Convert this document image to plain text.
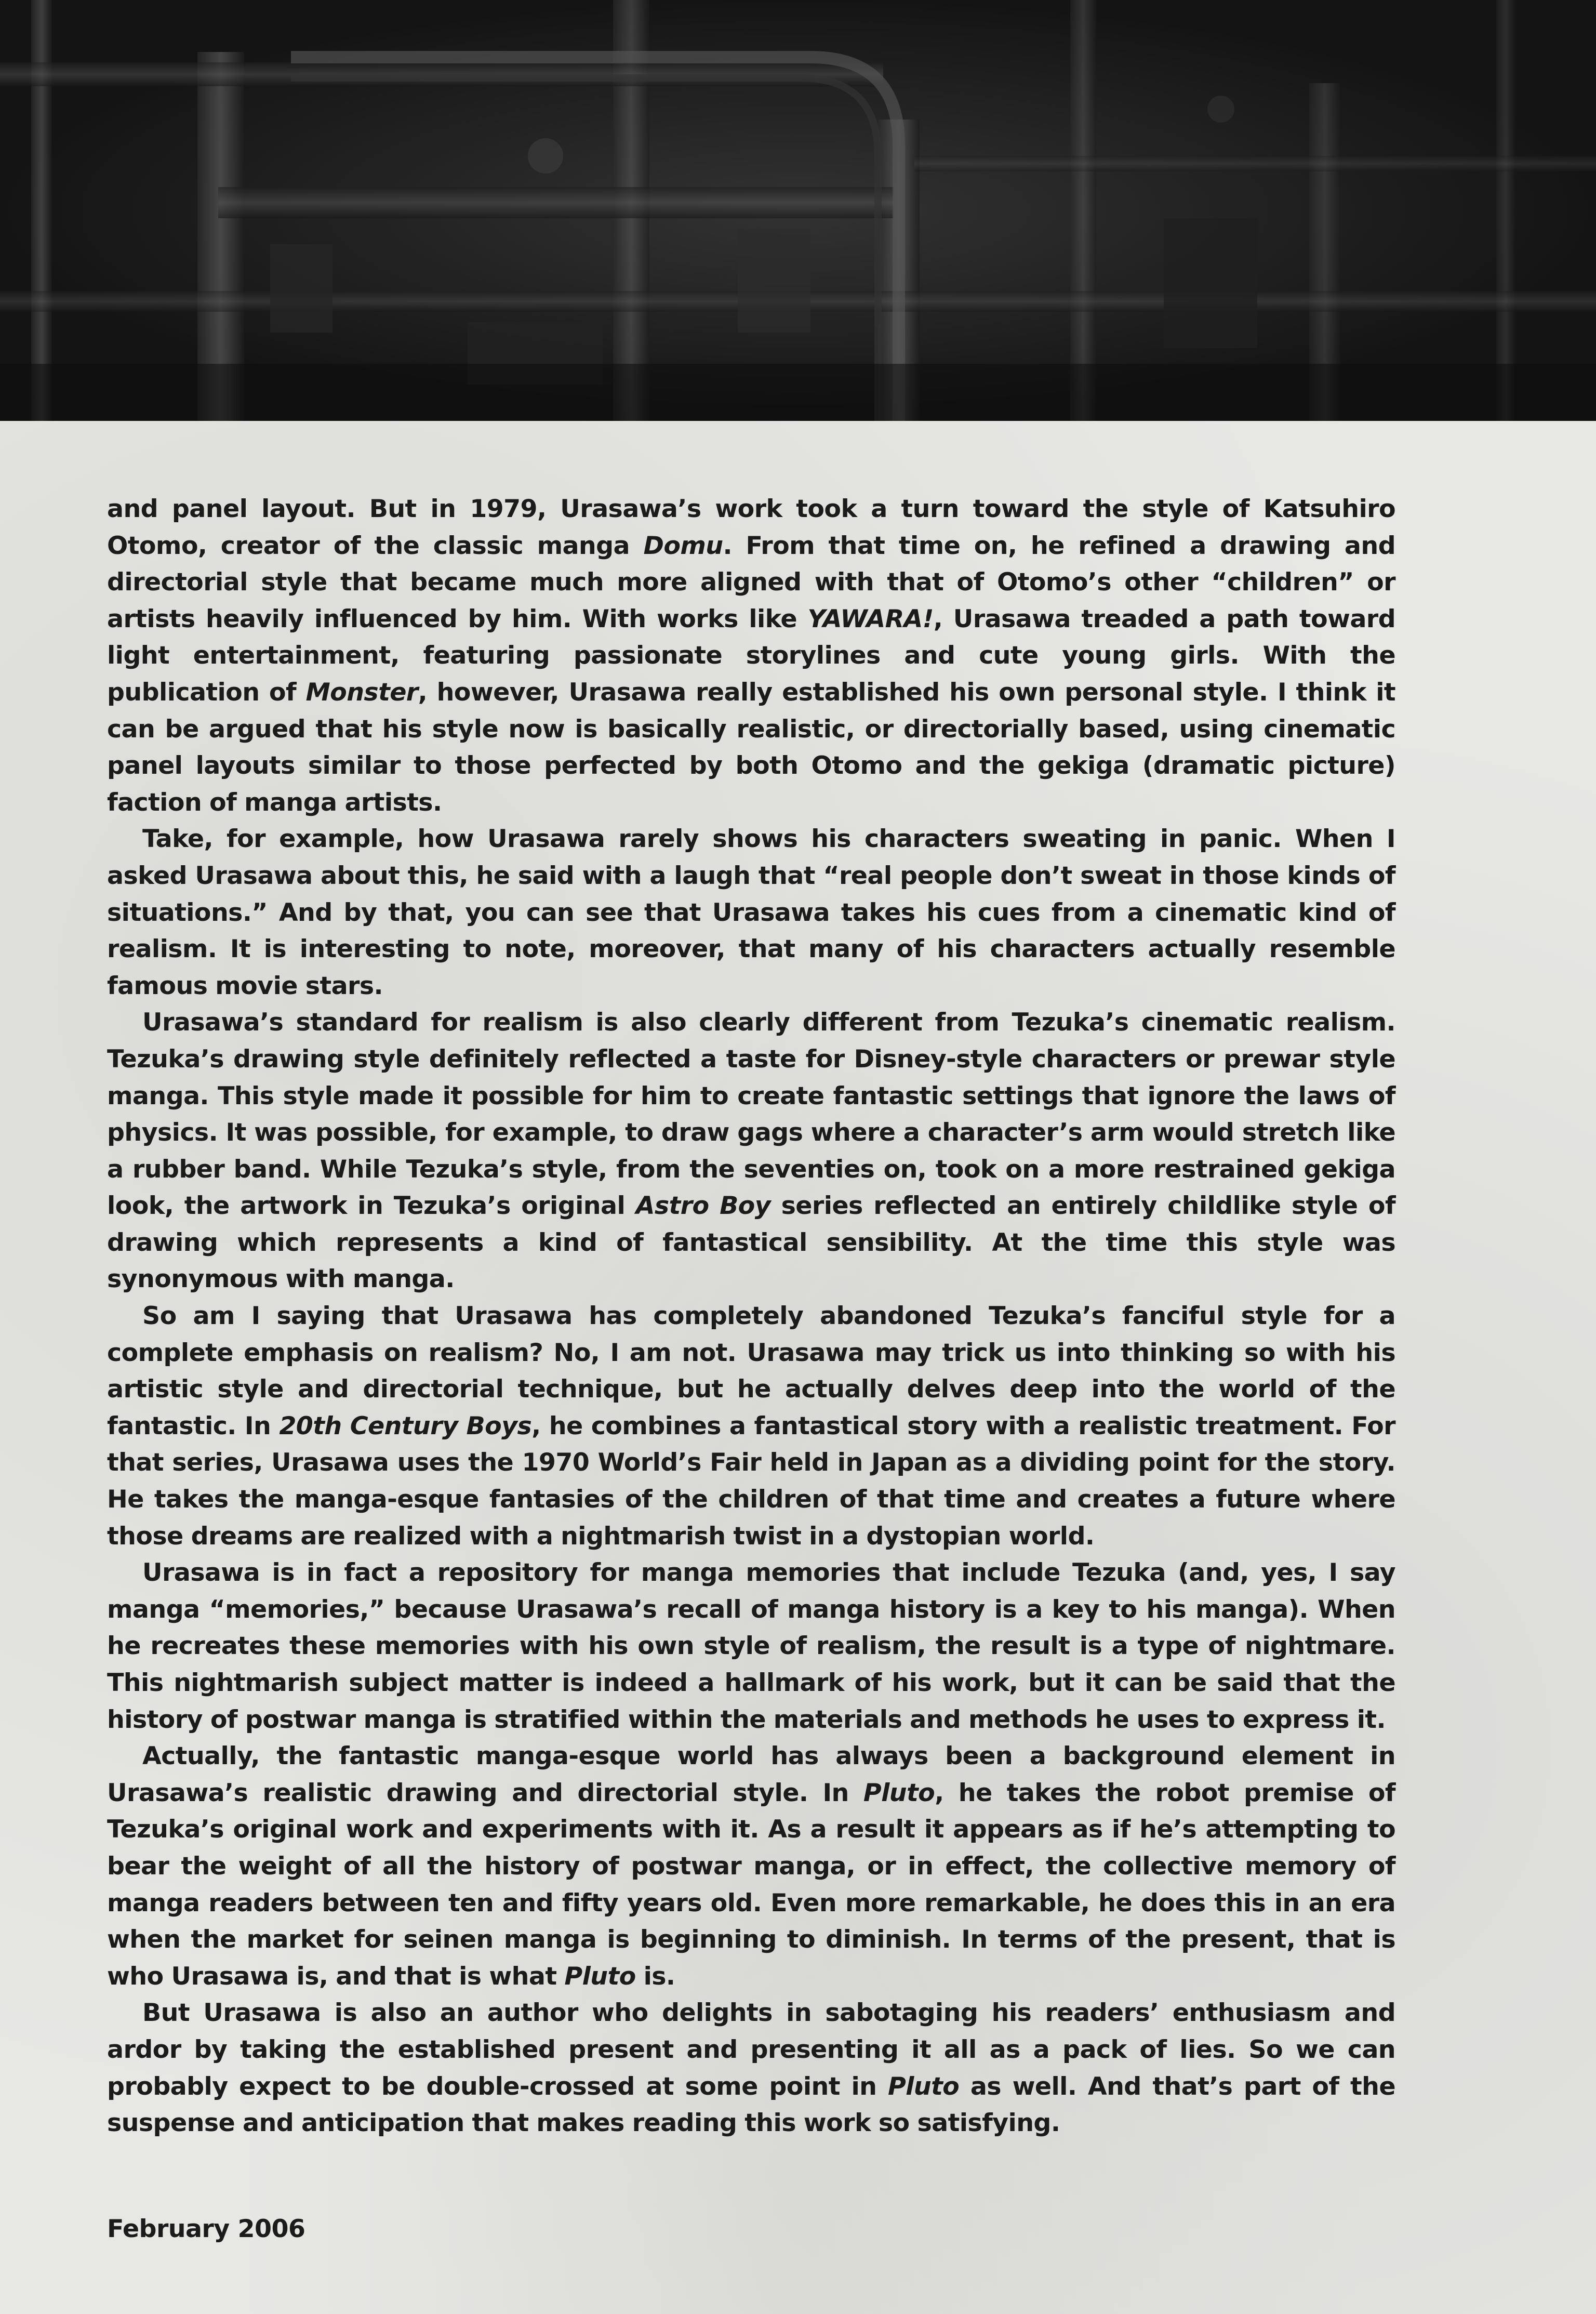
and panel layout. But in 1979, Urasawa’s work took a turn toward the style of Katsuhiro Otomo, creator of the classic manga Domu. From that time on, he refined a drawing and directorial style that became much more aligned with that of Otomo’s other “children” or artists heavily influenced by him. With works like YAWARA!, Urasawa treaded a path toward light entertainment, featuring passionate storylines and cute young girls. With the publication of Monster, however, Urasawa really established his own personal style. I think it can be argued that his style now is basically realistic, or directorially based, using cinematic panel layouts similar to those perfected by both Otomo and the gekiga (dramatic picture) faction of manga artists.

Take, for example, how Urasawa rarely shows his characters sweating in panic. When I asked Urasawa about this, he said with a laugh that “real people don’t sweat in those kinds of situations.” And by that, you can see that Urasawa takes his cues from a cinematic kind of realism. It is interesting to note, moreover, that many of his characters actually resemble famous movie stars.

Urasawa’s standard for realism is also clearly different from Tezuka’s cinematic realism. Tezuka’s drawing style definitely reflected a taste for Disney-style characters or prewar style manga. This style made it possible for him to create fantastic settings that ignore the laws of physics. It was possible, for example, to draw gags where a character’s arm would stretch like a rubber band. While Tezuka’s style, from the seventies on, took on a more restrained gekiga look, the artwork in Tezuka’s original Astro Boy series reflected an entirely childlike style of drawing which represents a kind of fantastical sensibility. At the time this style was synonymous with manga.

So am I saying that Urasawa has completely abandoned Tezuka’s fanciful style for a complete emphasis on realism? No, I am not. Urasawa may trick us into thinking so with his artistic style and directorial technique, but he actually delves deep into the world of the fantastic. In 20th Century Boys, he combines a fantastical story with a realistic treatment. For that series, Urasawa uses the 1970 World’s Fair held in Japan as a dividing point for the story. He takes the manga-esque fantasies of the children of that time and creates a future where those dreams are realized with a nightmarish twist in a dystopian world.

Urasawa is in fact a repository for manga memories that include Tezuka (and, yes, I say manga “memories,” because Urasawa’s recall of manga history is a key to his manga). When he recreates these memories with his own style of realism, the result is a type of nightmare. This nightmarish subject matter is indeed a hallmark of his work, but it can be said that the history of postwar manga is stratified within the materials and methods he uses to express it.

Actually, the fantastic manga-esque world has always been a background element in Urasawa’s realistic drawing and directorial style. In Pluto, he takes the robot premise of Tezuka’s original work and experiments with it. As a result it appears as if he’s attempting to bear the weight of all the history of postwar manga, or in effect, the collective memory of manga readers between ten and fifty years old. Even more remarkable, he does this in an era when the market for seinen manga is beginning to diminish. In terms of the present, that is who Urasawa is, and that is what Pluto is.

But Urasawa is also an author who delights in sabotaging his readers’ enthusiasm and ardor by taking the established present and presenting it all as a pack of lies. So we can probably expect to be double-crossed at some point in Pluto as well. And that’s part of the suspense and anticipation that makes reading this work so satisfying.

February 2006
